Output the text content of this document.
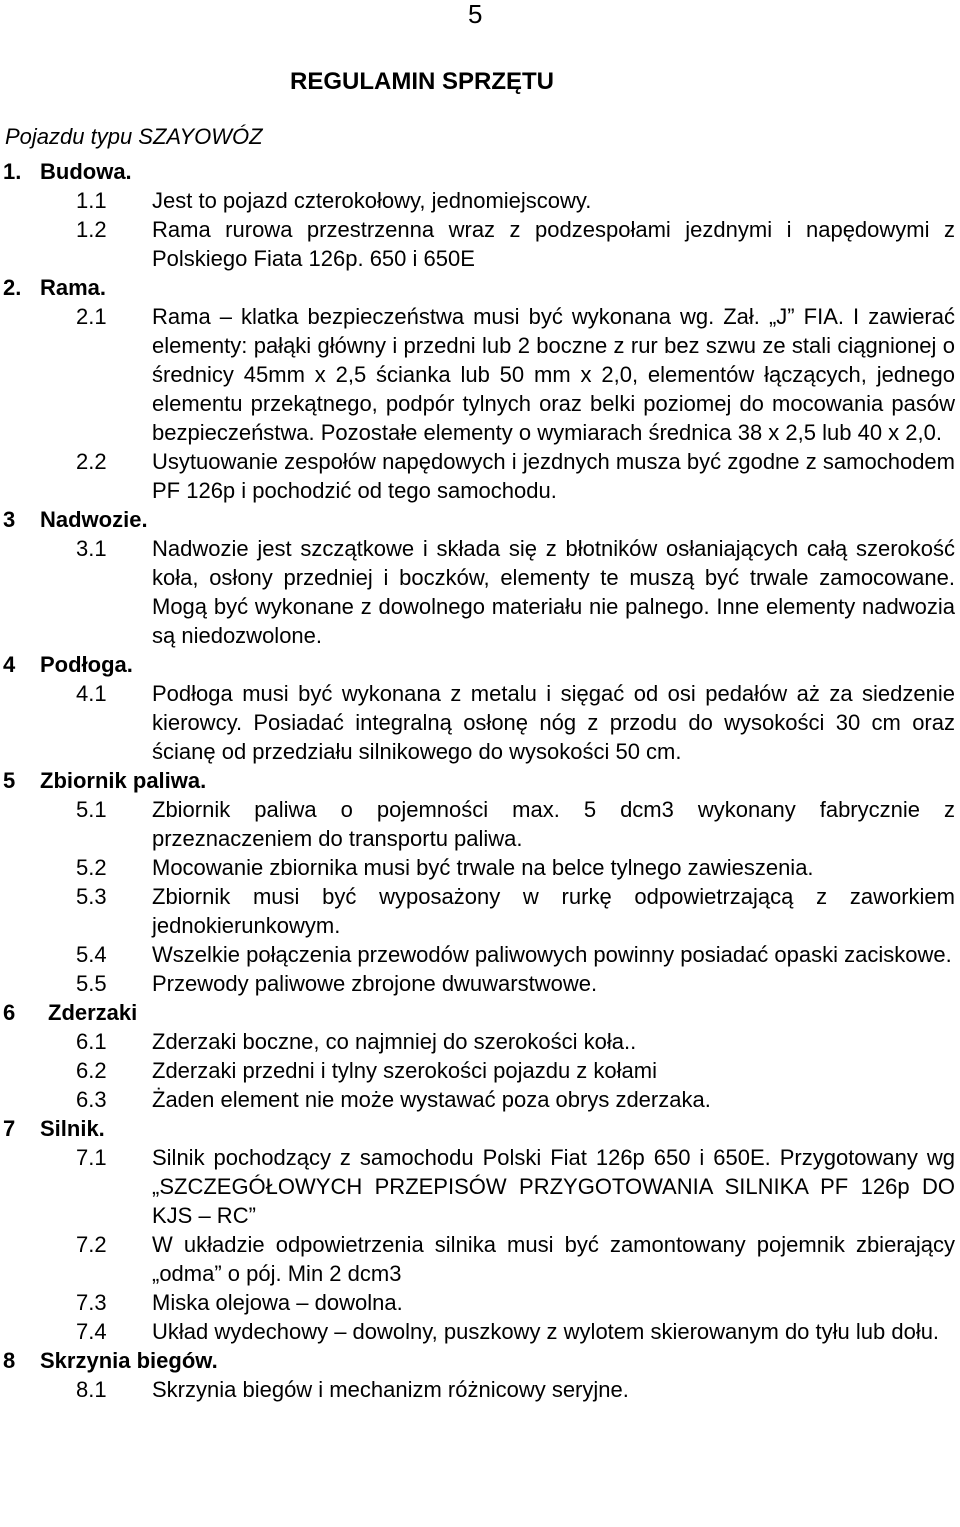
5
REGULAMIN SPRZĘTU
Pojazdu typu SZAYOWÓZ
1. Budowa.
1.1 Jest to pojazd czterokołowy, jednomiejscowy.
1.2 Rama rurowa przestrzenna wraz z podzespołami jezdnymi i napędowymi z Polskiego Fiata 126p. 650 i 650E
2. Rama.
2.1 Rama – klatka bezpieczeństwa musi być wykonana wg. Zał. „J” FIA. I zawierać elementy: pałąki główny i przedni lub 2 boczne z rur bez szwu ze stali ciągnionej o średnicy 45mm x 2,5 ścianka lub 50 mm x 2,0, elementów łączących, jednego elementu przekątnego, podpór tylnych oraz belki poziomej do mocowania pasów bezpieczeństwa. Pozostałe elementy o wymiarach średnica 38 x 2,5 lub 40 x 2,0.
2.2 Usytuowanie zespołów napędowych i jezdnych musza być zgodne z samochodem PF 126p i pochodzić od tego samochodu.
3 Nadwozie.
3.1 Nadwozie jest szczątkowe i składa się z błotników osłaniających całą szerokość koła, osłony przedniej i boczków, elementy te muszą być trwale zamocowane. Mogą być wykonane z dowolnego materiału nie palnego. Inne elementy nadwozia są niedozwolone.
4 Podłoga.
4.1 Podłoga musi być wykonana z metalu i sięgać od osi pedałów aż za siedzenie kierowcy. Posiadać integralną osłonę nóg z przodu do wysokości 30 cm oraz ścianę od przedziału silnikowego do wysokości 50 cm.
5 Zbiornik paliwa.
5.1 Zbiornik paliwa o pojemności max. 5 dcm3 wykonany fabrycznie z przeznaczeniem do transportu paliwa.
5.2 Mocowanie zbiornika musi być trwale na belce tylnego zawieszenia.
5.3 Zbiornik musi być wyposażony w rurkę odpowietrzającą z zaworkiem jednokierunkowym.
5.4 Wszelkie połączenia przewodów paliwowych powinny posiadać opaski zaciskowe.
5.5 Przewody paliwowe zbrojone dwuwarstwowe.
6 Zderzaki
6.1 Zderzaki boczne, co najmniej do szerokości koła..
6.2 Zderzaki przedni i tylny szerokości pojazdu z kołami
6.3 Żaden element nie może wystawać poza obrys zderzaka.
7 Silnik.
7.1 Silnik pochodzący z samochodu Polski Fiat 126p 650 i 650E. Przygotowany wg „SZCZEGÓŁOWYCH PRZEPISÓW PRZYGOTOWANIA SILNIKA PF 126p DO KJS – RC”
7.2 W układzie odpowietrzenia silnika musi być zamontowany pojemnik zbierający „odma” o pój. Min 2 dcm3
7.3 Miska olejowa – dowolna.
7.4 Układ wydechowy – dowolny, puszkowy z wylotem skierowanym do tyłu lub dołu.
8 Skrzynia biegów.
8.1 Skrzynia biegów i mechanizm różnicowy seryjne.
